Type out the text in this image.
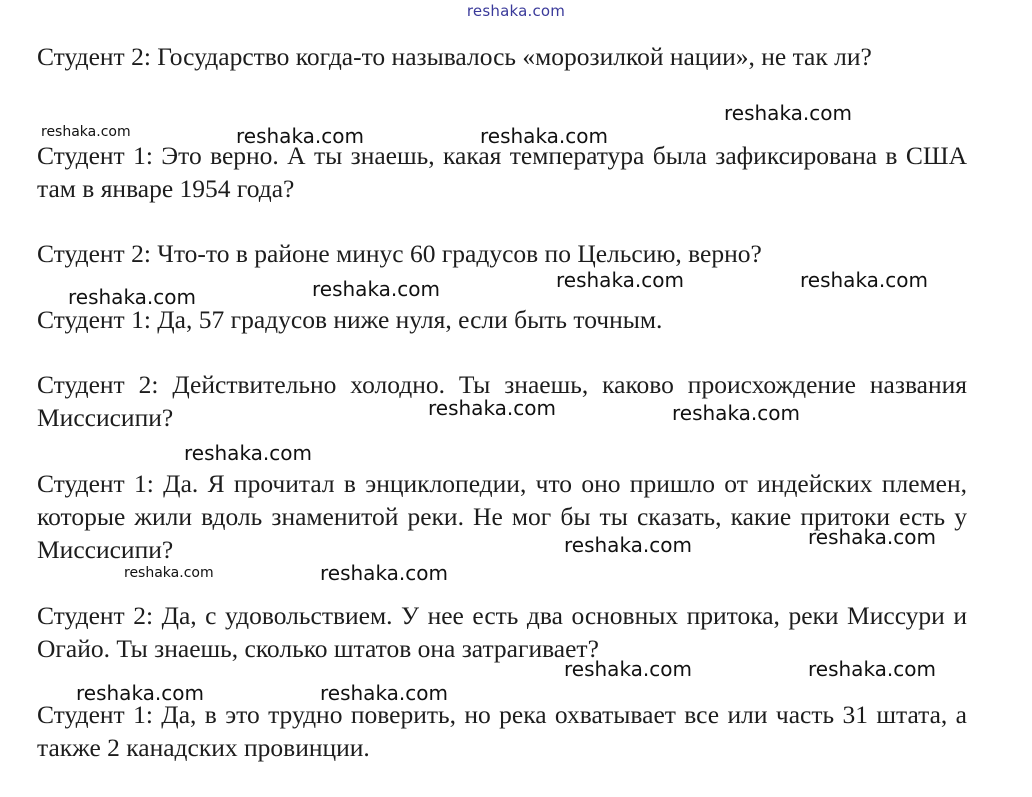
reshaka.com

Студент 2: Государство когда-то называлось «морозилкой нации», не так ли?

Студент 1: Это верно. А ты знаешь, какая температура была зафиксирована в США там в январе 1954 года?

Студент 2: Что-то в районе минус 60 градусов по Цельсию, верно?

Студент 1: Да, 57 градусов ниже нуля, если быть точным.

Студент 2: Действительно холодно. Ты знаешь, каково происхождение названия Миссисипи?

Студент 1: Да. Я прочитал в энциклопедии, что оно пришло от индейских племен, которые жили вдоль знаменитой реки. Не мог бы ты сказать, какие притоки есть у Миссисипи?

Студент 2: Да, с удовольствием. У нее есть два основных притока, реки Миссури и Огайо. Ты знаешь, сколько штатов она затрагивает?

Студент 1: Да, в это трудно поверить, но река охватывает все или часть 31 штата, а также 2 канадских провинции.

reshaka.com
reshaka.com	reshaka.com	reshaka.com
reshaka.com	reshaka.com
reshaka.com
reshaka.com
reshaka.com	reshaka.com
reshaka.com
reshaka.com
reshaka.com
reshaka.com	reshaka.com
reshaka.com	reshaka.com
reshaka.com	reshaka.com
